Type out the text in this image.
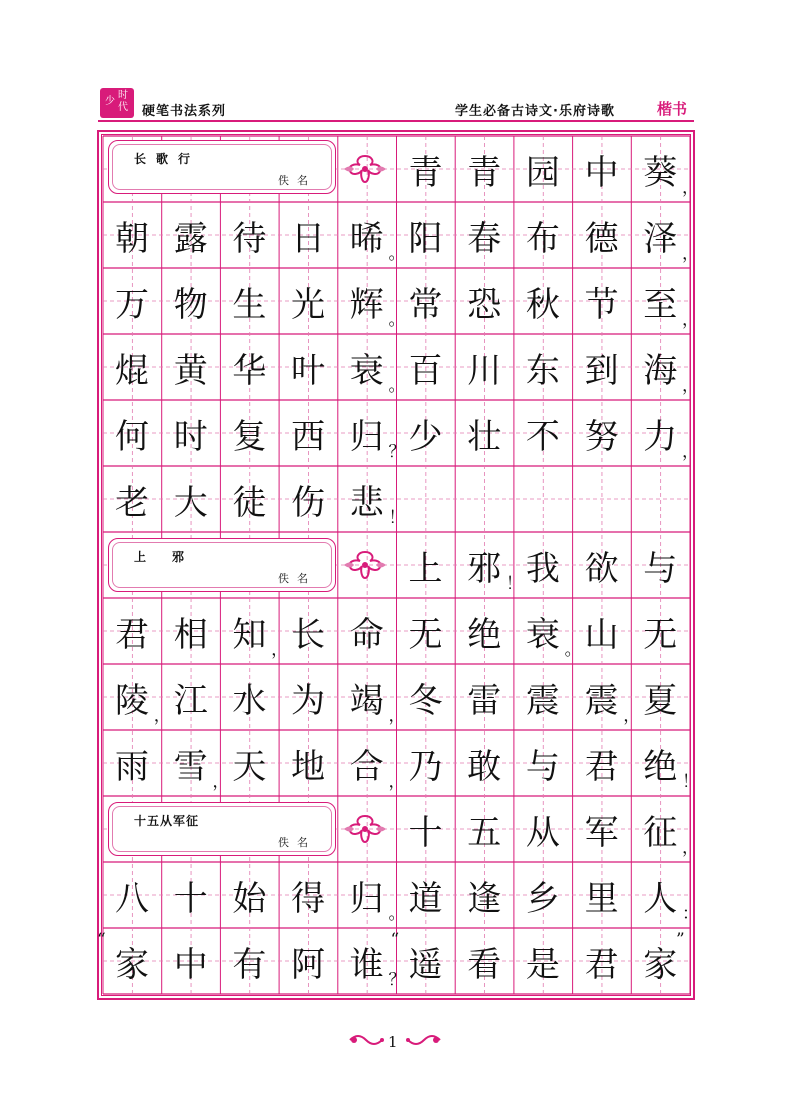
时
代
少
硬笔书法系列	学生必备古诗文·乐府诗歌	楷书
青 青 园 中 葵 ，
朝 露 待 日 晞 阳 春 布 德 泽
。	，
万 物 生 光 辉 常 恐 秋 节 至
。	，
焜 黄 华 叶 衰 百 川 东 到 海
。	，
何 时 复 西 归 少 壮 不 努 力
？	，
老 大 徒 伤 悲 ！
上 邪 我 欲 与
！
君 相 知 长 命 无 绝 衰 山 无
，	。
陵 江 水 为 竭 冬 雷 震 震 夏
，	，	，
雨 雪 天 地 合 乃 敢 与 君 绝
，	，	！
十 五 从 军 征 ，
八 十 始 得 归 道 逢 乡 里 人
。	：
家 中 有 阿 谁 遥 看 是 君 家
“
？
“	”
长歌行
佚名
上邪
佚名
十五从军征
佚名
1
